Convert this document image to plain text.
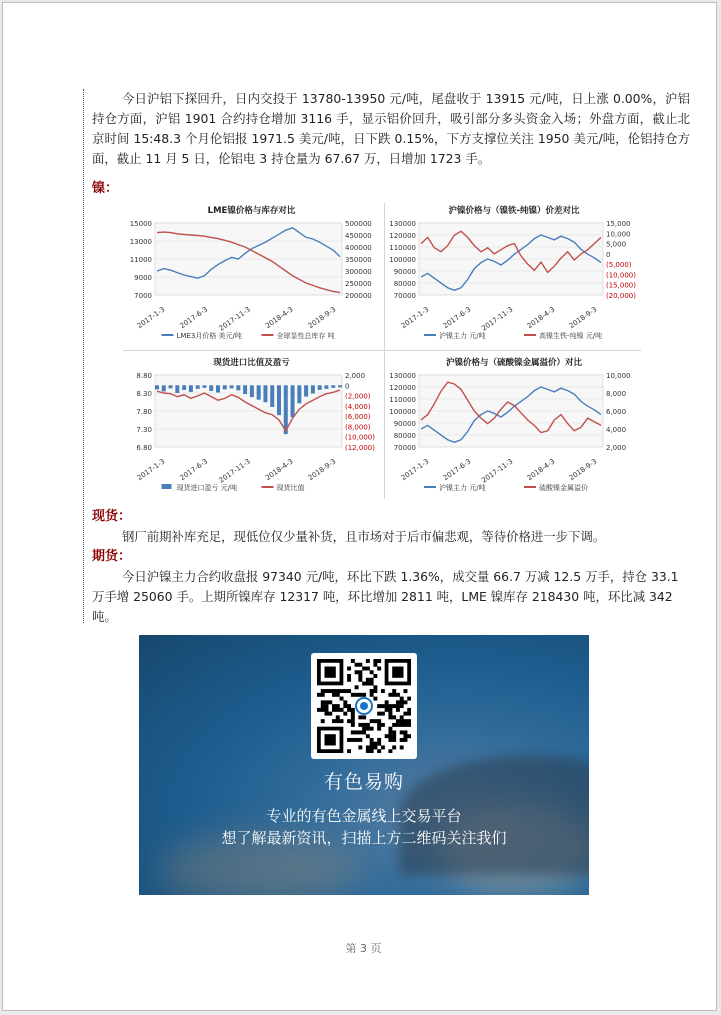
今日沪铝下探回升，日内交投于 13780-13950 元/吨，尾盘收于 13915 元/吨，日上涨 0.00%，沪铝持仓方面，沪铝 1901 合约持仓增加 3116 手，显示铝价回升，吸引部分多头资金入场；外盘方面，截止北京时间 15:48.3 个月伦铝报 1971.5 美元/吨，日下跌 0.15%，下方支撑位关注 1950 美元/吨，伦铝持仓方面，截止 11 月 5 日，伦铝电 3 持仓量为 67.67 万，日增加 1723 手。

镍：
现货：

钢厂前期补库充足，现低位仅少量补货，且市场对于后市偏悲观，等待价格进一步下调。

期货：

今日沪镍主力合约收盘报 97340 元/吨，环比下跌 1.36%，成交量 66.7 万减 12.5 万手，持仓 33.1 万手增 25060 手。上期所镍库存 12317 吨，环比增加 2811 吨，LME 镍库存 218430 吨，环比减 342 吨。

LME镍价格与库存对比
15000
13000
11000
9000
7000
500000
450000
400000
350000
300000
250000
200000
2017-1-3 2017-6-3 2017-11-3 2018-4-3 2018-9-3
LME3月价格 美元/吨	全球显性总库存 吨
沪镍价格与（镍铁-纯镍）价差对比
130000
120000
110000
100000
90000
80000
70000
15,000
10,000
5,000
0
(5,000)
(10,000)
(15,000)
(20,000)
2017-1-3 2017-6-3 2017-11-3 2018-4-3 2018-9-3
沪镍主力 元/吨	高镍生铁-纯镍 元/吨
现货进口比值及盈亏
8.80
8.30
7.80
7.30
6.80
2,000
0
(2,000)
(4,000)
(6,000)
(8,000)
(10,000)
(12,000)
2017-1-3 2017-6-3 2017-11-3 2018-4-3 2018-9-3
现货进口盈亏 元/吨	现货比值
沪镍价格与（硫酸镍金属溢价）对比
130000
120000
110000
100000
90000
80000
70000
10,000
8,000
6,000
4,000
2,000
2017-1-3 2017-6-3 2017-11-3 2018-4-3 2018-9-3
沪镍主力 元/吨	硫酸镍金属溢价
有色易购
专业的有色金属线上交易平台
想了解最新资讯，扫描上方二维码关注我们
第 3 页
